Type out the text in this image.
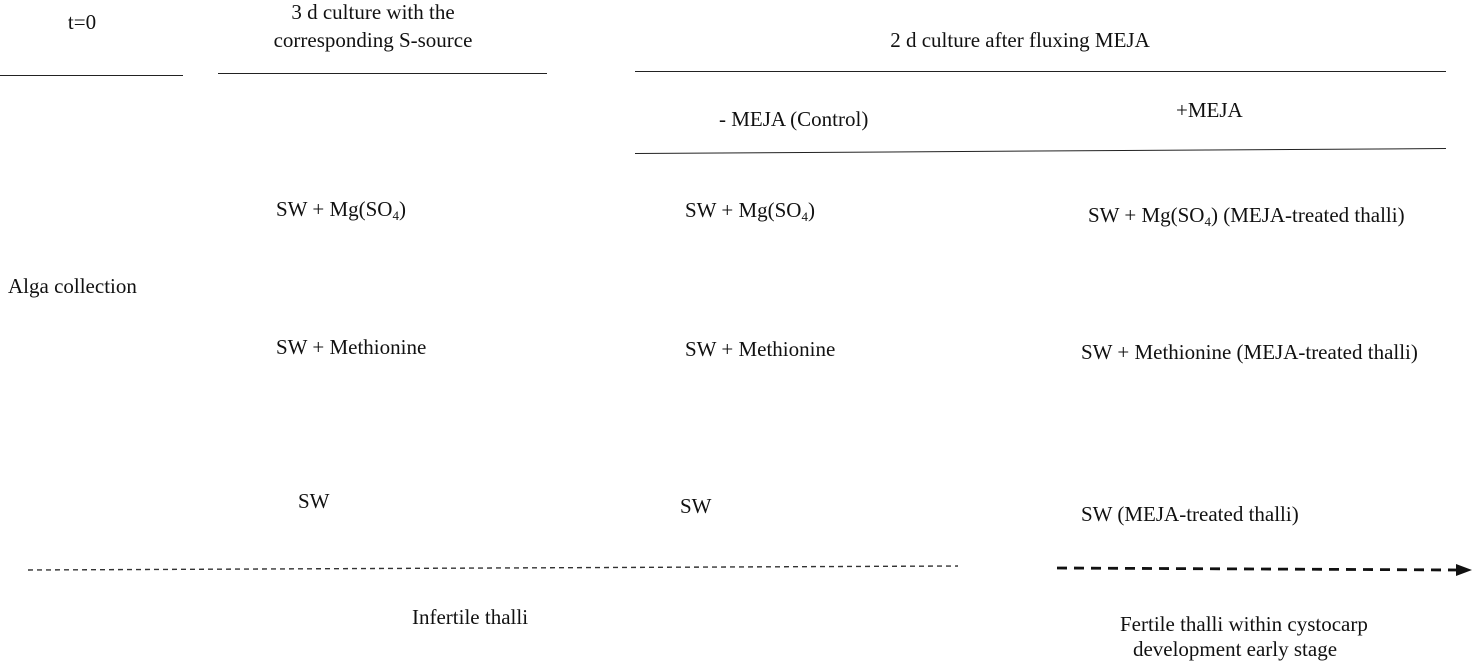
t=0	3 d culture with the
corresponding S-source	2 d culture after fluxing MEJA
- MEJA (Control)	+MEJA
Alga collection
SW + $Mg(SO_4)$	SW + $Mg(SO_4)$	SW + $Mg(SO_4)$ (MEJA-treated thalli)
SW + Methionine	SW + Methionine	SW + Methionine (MEJA-treated thalli)
SW	SW	SW (MEJA-treated thalli)
Infertile thalli	Fertile thalli within cystocarp
development early stage
